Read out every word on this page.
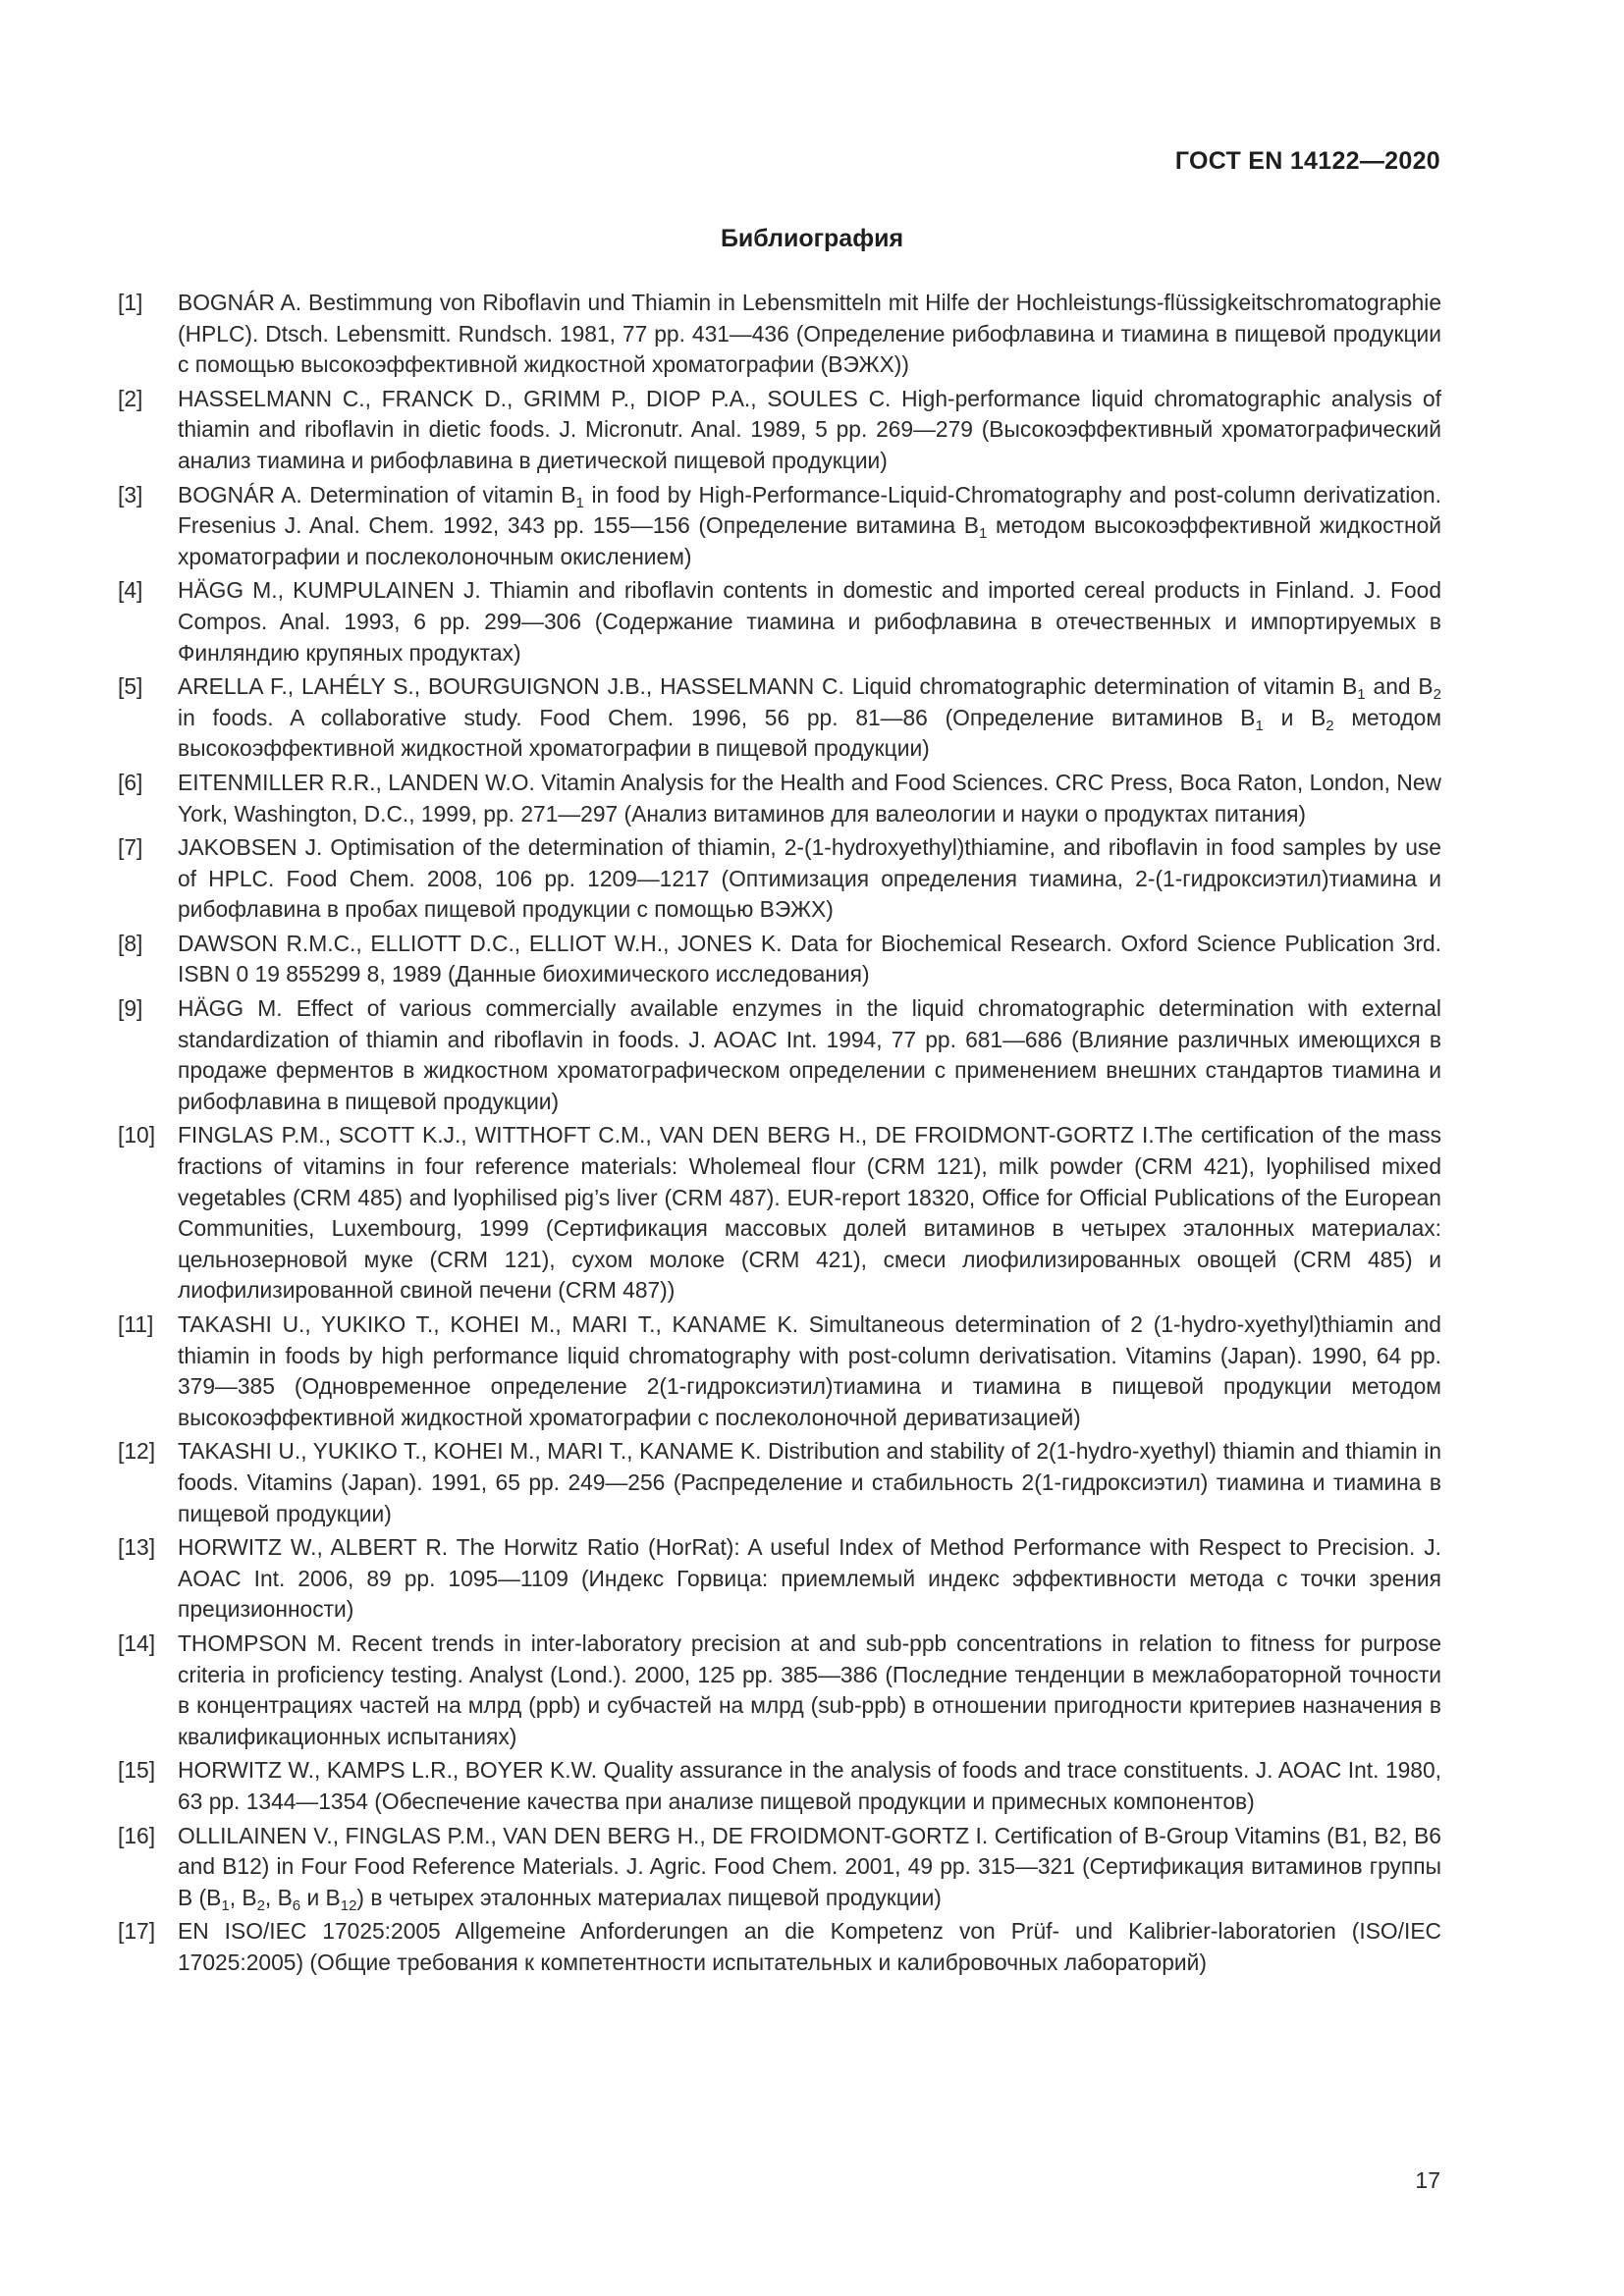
ГОСТ EN 14122—2020
Библиография
[1]	BOGNÁR A. Bestimmung von Riboflavin und Thiamin in Lebensmitteln mit Hilfe der Hochleistungs-flüssigkeitschromatographie (HPLC). Dtsch. Lebensmitt. Rundsch. 1981, 77 pp. 431—436 (Определение рибофлавина и тиамина в пищевой продукции с помощью высокоэффективной жидкостной хроматографии (ВЭЖХ))
[2]	HASSELMANN C., FRANCK D., GRIMM P., DIOP P.A., SOULES C. High-performance liquid chromatographic analysis of thiamin and riboflavin in dietic foods. J. Micronutr. Anal. 1989, 5 pp. 269—279 (Высокоэффективный хроматографический анализ тиамина и рибофлавина в диетической пищевой продукции)
[3]	BOGNÁR A. Determination of vitamin $B_1$ in food by High-Performance-Liquid-Chromatography and post-column derivatization. Fresenius J. Anal. Chem. 1992, 343 pp. 155—156 (Определение витамина $B_1$ методом высокоэффективной жидкостной хроматографии и послеколоночным окислением)
[4]	HÄGG M., KUMPULAINEN J. Thiamin and riboflavin contents in domestic and imported cereal products in Finland. J. Food Compos. Anal. 1993, 6 pp. 299—306 (Содержание тиамина и рибофлавина в отечественных и импортируемых в Финляндию крупяных продуктах)
[5]	ARELLA F., LAHÉLY S., BOURGUIGNON J.B., HASSELMANN C. Liquid chromatographic determination of vitamin $B_1$ and $B_2$ in foods. A collaborative study. Food Chem. 1996, 56 pp. 81—86 (Определение витаминов $B_1$ и $B_2$ методом высокоэффективной жидкостной хроматографии в пищевой продукции)
[6]	EITENMILLER R.R., LANDEN W.O. Vitamin Analysis for the Health and Food Sciences. CRC Press, Boca Raton, London, New York, Washington, D.C., 1999, pp. 271—297 (Анализ витаминов для валеологии и науки о продуктах питания)
[7]	JAKOBSEN J. Optimisation of the determination of thiamin, 2-(1-hydroxyethyl)thiamine, and riboflavin in food samples by use of HPLC. Food Chem. 2008, 106 pp. 1209—1217 (Оптимизация определения тиамина, 2-(1-гидроксиэтил)тиамина и рибофлавина в пробах пищевой продукции с помощью ВЭЖХ)
[8]	DAWSON R.M.C., ELLIOTT D.C., ELLIOT W.H., JONES K. Data for Biochemical Research. Oxford Science Publication 3rd. ISBN 0 19 855299 8, 1989 (Данные биохимического исследования)
[9]	HÄGG M. Effect of various commercially available enzymes in the liquid chromatographic determination with external standardization of thiamin and riboflavin in foods. J. AOAC Int. 1994, 77 pp. 681—686 (Влияние различных имеющихся в продаже ферментов в жидкостном хроматографическом определении с применением внешних стандартов тиамина и рибофлавина в пищевой продукции)
[10]	FINGLAS P.M., SCOTT K.J., WITTHOFT C.M., VAN DEN BERG H., DE FROIDMONT-GORTZ I.The certification of the mass fractions of vitamins in four reference materials: Wholemeal flour (CRM 121), milk powder (CRM 421), lyophilised mixed vegetables (CRM 485) and lyophilised pig’s liver (CRM 487). EUR-report 18320, Office for Official Publications of the European Communities, Luxembourg, 1999 (Сертификация массовых долей витаминов в четырех эталонных материалах: цельнозерновой муке (CRM 121), сухом молоке (CRM 421), смеси лиофилизированных овощей (CRM 485) и лиофилизированной свиной печени (CRM 487))
[11]	TAKASHI U., YUKIKO T., KOHEI M., MARI T., KANAME K. Simultaneous determination of 2 (1-hydro-xyethyl)thiamin and thiamin in foods by high performance liquid chromatography with post-column derivatisation. Vitamins (Japan). 1990, 64 pp. 379—385 (Одновременное определение 2(1-гидроксиэтил)тиамина и тиамина в пищевой продукции методом высокоэффективной жидкостной хроматографии с послеколоночной дериватизацией)
[12]	TAKASHI U., YUKIKO T., KOHEI M., MARI T., KANAME K. Distribution and stability of 2(1-hydro-xyethyl) thiamin and thiamin in foods. Vitamins (Japan). 1991, 65 pp. 249—256 (Распределение и стабильность 2(1-гидроксиэтил) тиамина и тиамина в пищевой продукции)
[13]	HORWITZ W., ALBERT R. The Horwitz Ratio (HorRat): A useful Index of Method Performance with Respect to Precision. J. AOAC Int. 2006, 89 pp. 1095—1109 (Индекс Горвица: приемлемый индекс эффективности метода с точки зрения прецизионности)
[14]	THOMPSON M. Recent trends in inter-laboratory precision at and sub-ppb concentrations in relation to fitness for purpose criteria in proficiency testing. Analyst (Lond.). 2000, 125 pp. 385—386 (Последние тенденции в межлабораторной точности в концентрациях частей на млрд (ppb) и субчастей на млрд (sub-ppb) в отношении пригодности критериев назначения в квалификационных испытаниях)
[15]	HORWITZ W., KAMPS L.R., BOYER K.W. Quality assurance in the analysis of foods and trace constituents. J. AOAC Int. 1980, 63 pp. 1344—1354 (Обеспечение качества при анализе пищевой продукции и примесных компонентов)
[16]	OLLILAINEN V., FINGLAS P.M., VAN DEN BERG H., DE FROIDMONT-GORTZ I. Certification of B-Group Vitamins (B1, B2, B6 and B12) in Four Food Reference Materials. J. Agric. Food Chem. 2001, 49 pp. 315—321 (Сертификация витаминов группы В ($B_1$, $B_2$, $B_6$ и $B_{12}$) в четырех эталонных материалах пищевой продукции)
[17]	EN ISO/IEC 17025:2005 Allgemeine Anforderungen an die Kompetenz von Prüf- und Kalibrier-laboratorien (ISO/IEC 17025:2005) (Общие требования к компетентности испытательных и калибровочных лабораторий)
17
